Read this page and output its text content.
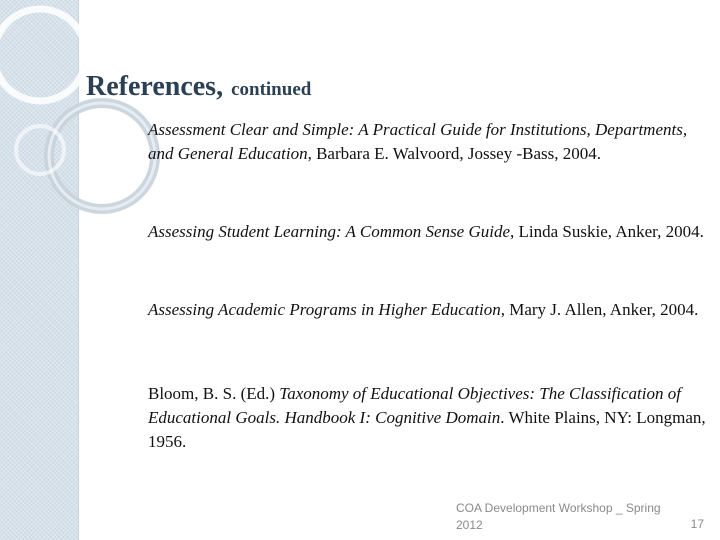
References, continued

Assessment Clear and Simple: A Practical Guide for Institutions, Departments, and General Education, Barbara E. Walvoord, Jossey -Bass, 2004.

Assessing Student Learning: A Common Sense Guide, Linda Suskie, Anker, 2004.

Assessing Academic Programs in Higher Education, Mary J. Allen, Anker, 2004.

Bloom, B. S. (Ed.) Taxonomy of Educational Objectives: The Classification of Educational Goals. Handbook I: Cognitive Domain. White Plains, NY: Longman, 1956.

COA Development Workshop _ Spring 2012	17
